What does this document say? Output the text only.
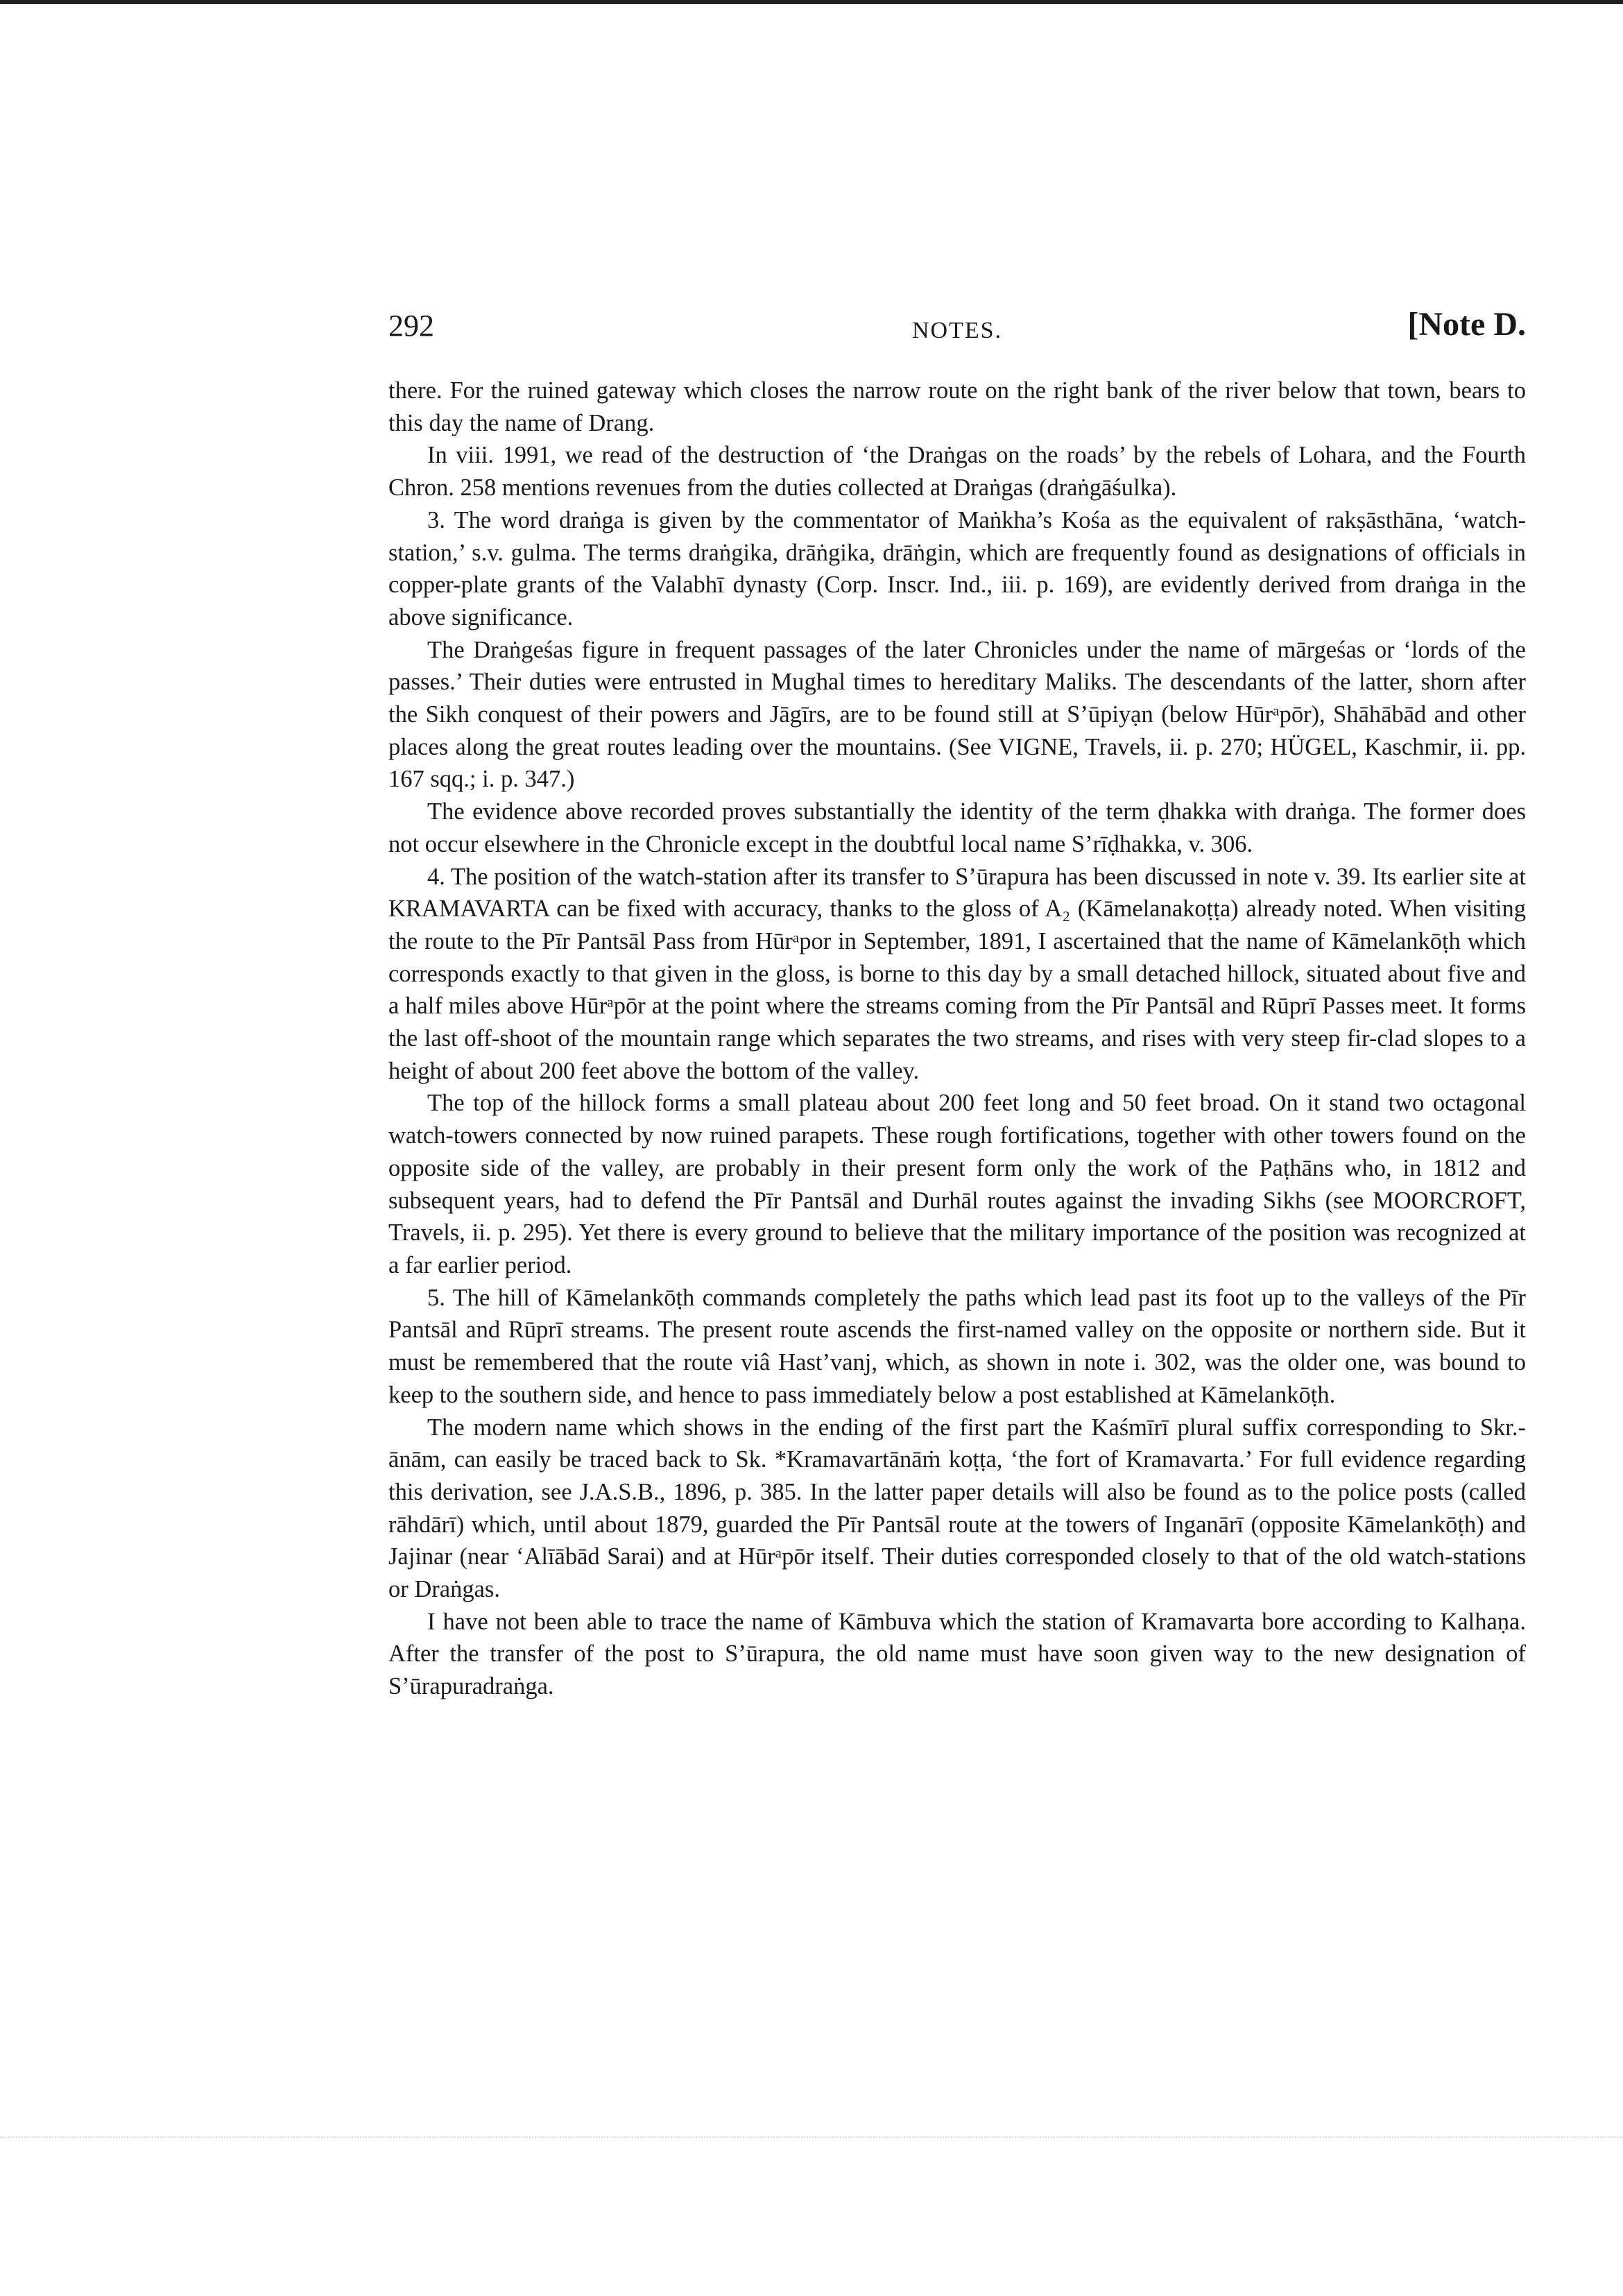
292	NOTES.	[Note D.

there. For the ruined gateway which closes the narrow route on the right bank of the river below that town, bears to this day the name of Drang.

In viii. 1991, we read of the destruction of ‘the Draṅgas on the roads’ by the rebels of Lohara, and the Fourth Chron. 258 mentions revenues from the duties collected at Draṅgas (draṅgāśulka).

3. The word draṅga is given by the commentator of Maṅkha’s Kośa as the equivalent of rakṣāsthāna, ‘watch-station,’ s.v. gulma. The terms draṅgika, drāṅgika, drāṅgin, which are frequently found as designations of officials in copper-plate grants of the Valabhī dynasty (Corp. Inscr. Ind., iii. p. 169), are evidently derived from draṅga in the above significance.

The Draṅgeśas figure in frequent passages of the later Chronicles under the name of mārgeśas or ‘lords of the passes.’ Their duties were entrusted in Mughal times to hereditary Maliks. The descendants of the latter, shorn after the Sikh conquest of their powers and Jāgīrs, are to be found still at S’ūpiyạn (below Hūrᵃpōr), Shāhābād and other places along the great routes leading over the mountains. (See VIGNE, Travels, ii. p. 270; HÜGEL, Kaschmir, ii. pp. 167 sqq.; i. p. 347.)

The evidence above recorded proves substantially the identity of the term ḍhakka with draṅga. The former does not occur elsewhere in the Chronicle except in the doubtful local name S’rīḍhakka, v. 306.

4. The position of the watch-station after its transfer to S’ūrapura has been discussed in note v. 39. Its earlier site at KRAMAVARTA can be fixed with accuracy, thanks to the gloss of A₂ (Kāmelanakoṭṭa) already noted. When visiting the route to the Pīr Pantsāl Pass from Hūrᵃpor in September, 1891, I ascertained that the name of Kāmelankōṭh which corresponds exactly to that given in the gloss, is borne to this day by a small detached hillock, situated about five and a half miles above Hūrᵃpōr at the point where the streams coming from the Pīr Pantsāl and Rūprī Passes meet. It forms the last off-shoot of the mountain range which separates the two streams, and rises with very steep fir-clad slopes to a height of about 200 feet above the bottom of the valley.

The top of the hillock forms a small plateau about 200 feet long and 50 feet broad. On it stand two octagonal watch-towers connected by now ruined parapets. These rough fortifications, together with other towers found on the opposite side of the valley, are probably in their present form only the work of the Paṭhāns who, in 1812 and subsequent years, had to defend the Pīr Pantsāl and Durhāl routes against the invading Sikhs (see MOORCROFT, Travels, ii. p. 295). Yet there is every ground to believe that the military importance of the position was recognized at a far earlier period.

5. The hill of Kāmelankōṭh commands completely the paths which lead past its foot up to the valleys of the Pīr Pantsāl and Rūprī streams. The present route ascends the first-named valley on the opposite or northern side. But it must be remembered that the route viâ Hast’vanj, which, as shown in note i. 302, was the older one, was bound to keep to the southern side, and hence to pass immediately below a post established at Kāmelankōṭh.

The modern name which shows in the ending of the first part the Kaśmīrī plural suffix corresponding to Skr.-ānām, can easily be traced back to Sk. *Kramavartānāṁ koṭṭa, ‘the fort of Kramavarta.’ For full evidence regarding this derivation, see J.A.S.B., 1896, p. 385. In the latter paper details will also be found as to the police posts (called rāhdārī) which, until about 1879, guarded the Pīr Pantsāl route at the towers of Inganārī (opposite Kāmelankōṭh) and Jajinar (near ‘Alīābād Sarai) and at Hūrᵃpōr itself. Their duties corresponded closely to that of the old watch-stations or Draṅgas.

I have not been able to trace the name of Kāmbuva which the station of Kramavarta bore according to Kalhaṇa. After the transfer of the post to S’ūrapura, the old name must have soon given way to the new designation of S’ūrapuradraṅga.
